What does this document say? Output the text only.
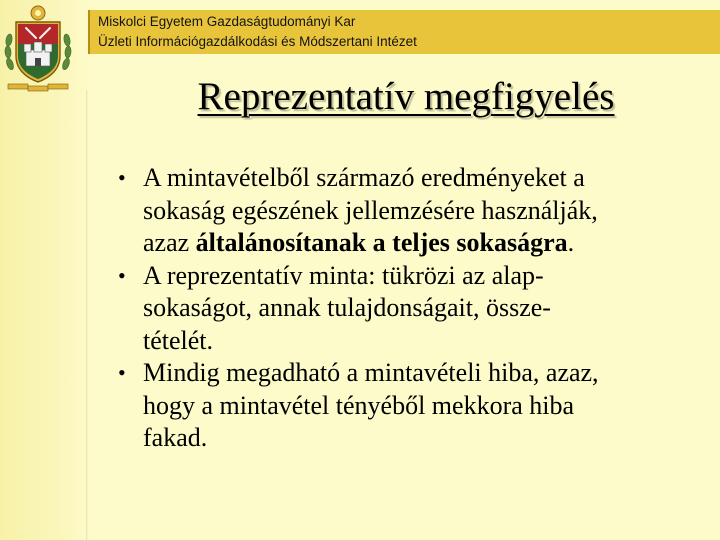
Miskolci Egyetem Gazdaságtudományi Kar
Üzleti Információgazdálkodási és Módszertani Intézet
Reprezentatív megfigyelés
• A mintavételből származó eredményeket a
sokaság egészének jellemzésére használják,
azaz általánosítanak a teljes sokaságra.
• A reprezentatív minta: tükrözi az alap-
sokaságot, annak tulajdonságait, össze-
tételét.
• Mindig megadható a mintavételi hiba, azaz,
hogy a mintavétel tényéből mekkora hiba
fakad.
